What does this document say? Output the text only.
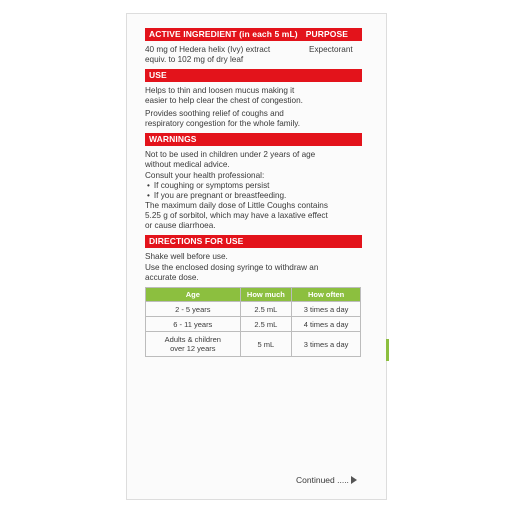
ACTIVE INGREDIENT (in each 5 mL) PURPOSE

40 mg of Hedera helix (Ivy) extract

equiv. to 102 mg of dry leaf

Expectorant

USE

Helps to thin and loosen mucus making it

easier to help clear the chest of congestion.

Provides soothing relief of coughs and

respiratory congestion for the whole family.

WARNINGS

Not to be used in children under 2 years of age

without medical advice.

Consult your health professional:

• If coughing or symptoms persist

• If you are pregnant or breastfeeding.

The maximum daily dose of Little Coughs contains

5.25 g of sorbitol, which may have a laxative effect

or cause diarrhoea.

DIRECTIONS FOR USE

Shake well before use.

Use the enclosed dosing syringe to withdraw an

accurate dose.

Age	How much	How often
2 - 5 years	2.5 mL	3 times a day
6 - 11 years	2.5 mL	4 times a day

Adults & children
over 12 years	5 mL	3 times a day
Continued .....
